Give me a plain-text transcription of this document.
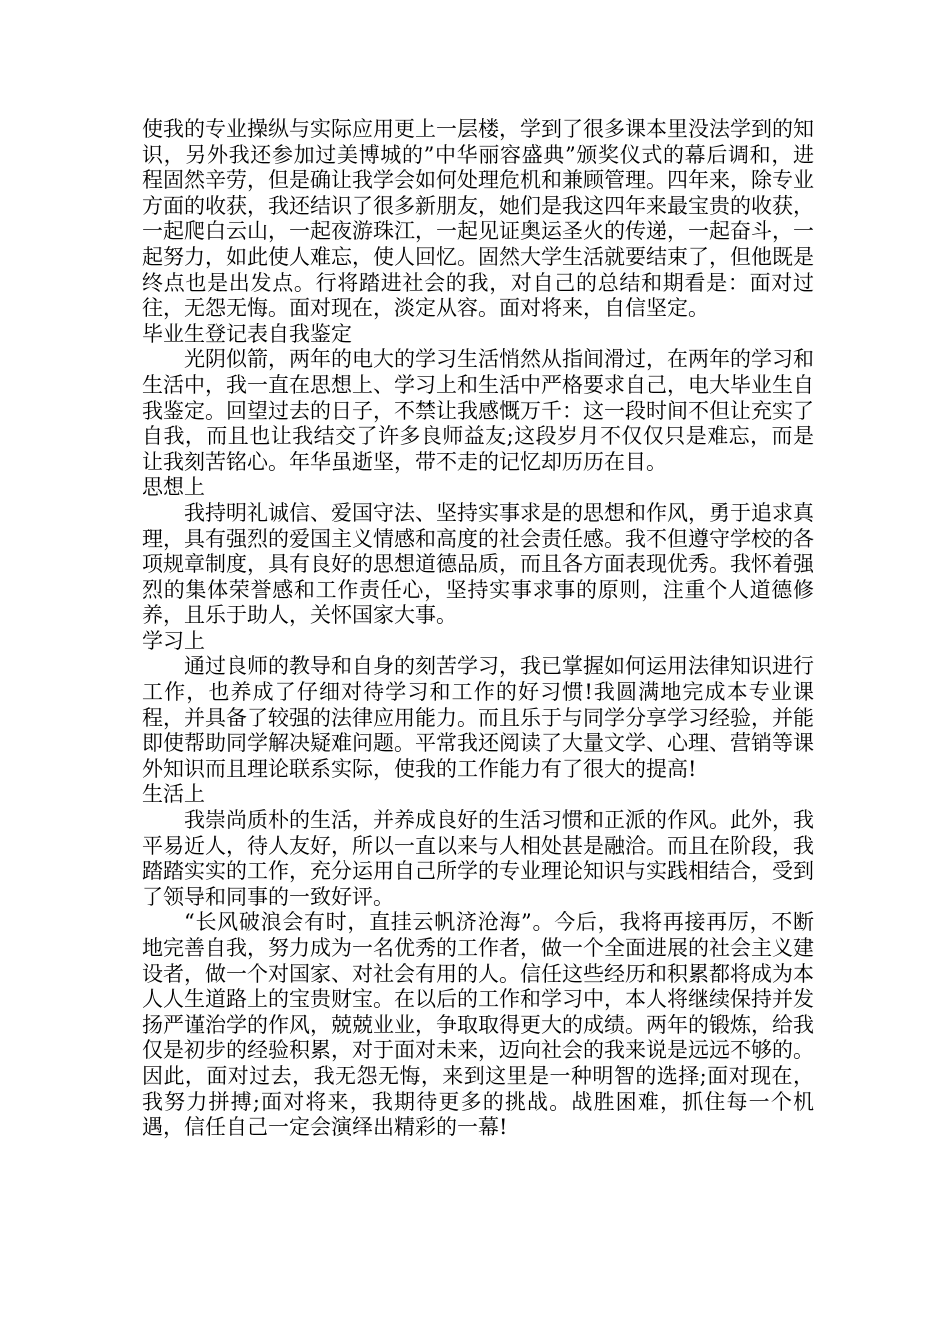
使我的专业操纵与实际应用更上一层楼，学到了很多课本里没法学到的知识，另外我还参加过美博城的”中华丽容盛典”颁奖仪式的幕后调和，进程固然辛劳，但是确让我学会如何处理危机和兼顾管理。四年来，除专业方面的收获，我还结识了很多新朋友，她们是我这四年来最宝贵的收获，一起爬白云山，一起夜游珠江，一起见证奥运圣火的传递，一起奋斗，一起努力，如此使人难忘，使人回忆。固然大学生活就要结束了，但他既是终点也是出发点。行将踏进社会的我，对自己的总结和期看是：面对过往，无怨无悔。面对现在，淡定从容。面对将来，自信坚定。

毕业生登记表自我鉴定

光阴似箭，两年的电大的学习生活悄然从指间滑过，在两年的学习和生活中，我一直在思想上、学习上和生活中严格要求自己，电大毕业生自我鉴定。回望过去的日子，不禁让我感慨万千：这一段时间不但让充实了自我，而且也让我结交了许多良师益友;这段岁月不仅仅只是难忘，而是让我刻苦铭心。年华虽逝坚，带不走的记忆却历历在目。

思想上

我持明礼诚信、爱国守法、坚持实事求是的思想和作风，勇于追求真理，具有强烈的爱国主义情感和高度的社会责任感。我不但遵守学校的各项规章制度，具有良好的思想道德品质，而且各方面表现优秀。我怀着强烈的集体荣誉感和工作责任心，坚持实事求事的原则，注重个人道德修养，且乐于助人，关怀国家大事。

学习上

通过良师的教导和自身的刻苦学习，我已掌握如何运用法律知识进行工作，也养成了仔细对待学习和工作的好习惯!我圆满地完成本专业课程，并具备了较强的法律应用能力。而且乐于与同学分享学习经验，并能即使帮助同学解决疑难问题。平常我还阅读了大量文学、心理、营销等课外知识而且理论联系实际，使我的工作能力有了很大的提高!

生活上

我崇尚质朴的生活，并养成良好的生活习惯和正派的作风。此外，我平易近人，待人友好，所以一直以来与人相处甚是融洽。而且在阶段，我踏踏实实的工作，充分运用自己所学的专业理论知识与实践相结合，受到了领导和同事的一致好评。

“长风破浪会有时，直挂云帆济沧海”。今后，我将再接再厉，不断地完善自我，努力成为一名优秀的工作者，做一个全面进展的社会主义建设者，做一个对国家、对社会有用的人。信任这些经历和积累都将成为本人人生道路上的宝贵财宝。在以后的工作和学习中，本人将继续保持并发扬严谨治学的作风，兢兢业业，争取取得更大的成绩。两年的锻炼，给我仅是初步的经验积累，对于面对未来，迈向社会的我来说是远远不够的。因此，面对过去，我无怨无悔，来到这里是一种明智的选择;面对现在，我努力拼搏;面对将来，我期待更多的挑战。战胜困难，抓住每一个机遇，信任自己一定会演绎出精彩的一幕!
